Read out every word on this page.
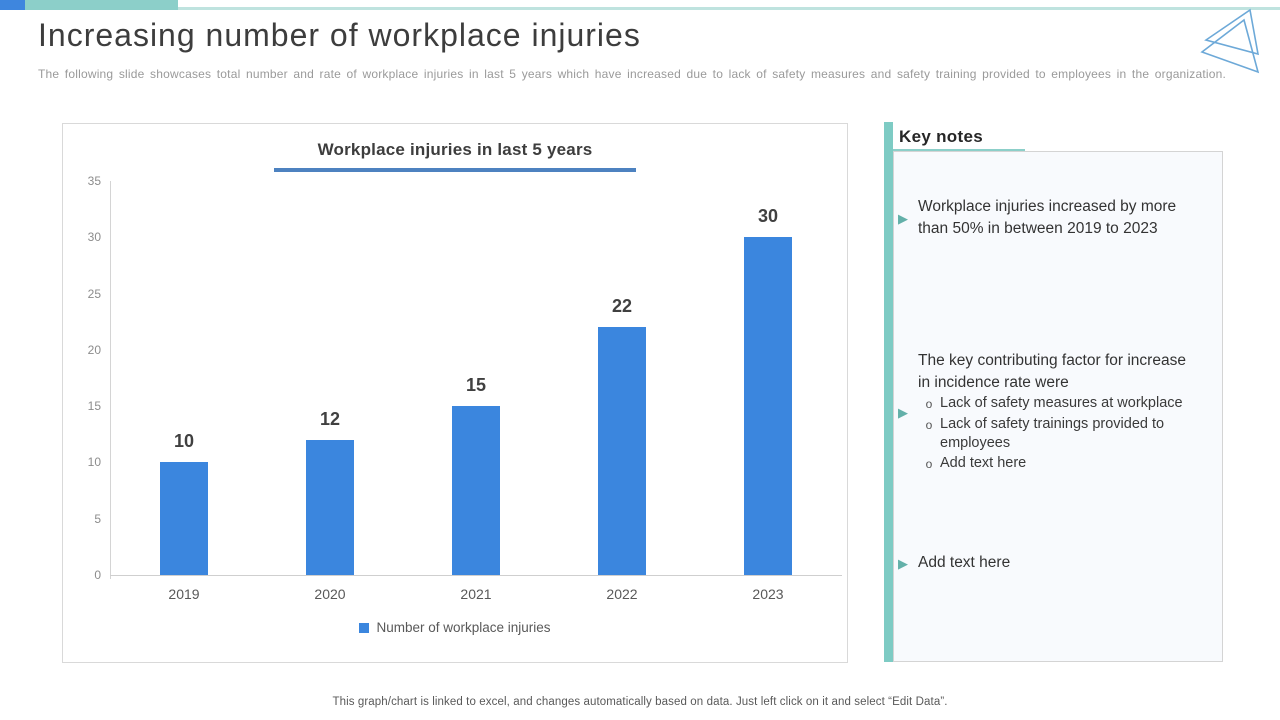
Increasing number of workplace injuries
The following slide showcases total number and rate of workplace injuries in last 5 years which have increased due to lack of safety measures and safety training provided to employees in the organization.
Workplace injuries in last 5 years
0
5
10
15
20
25
30
35
10
12
15
22
30
2019	2020	2021	2022	2023
Number of workplace injuries
Key notes
▶
Workplace injuries increased by more than 50% in between 2019 to 2023
▶
The key contributing factor for increase in incidence rate were
o Lack of safety measures at workplace
o Lack of safety trainings provided to employees
o Add text here
▶ Add text here
This graph/chart is linked to excel, and changes automatically based on data. Just left click on it and select “Edit Data”.
